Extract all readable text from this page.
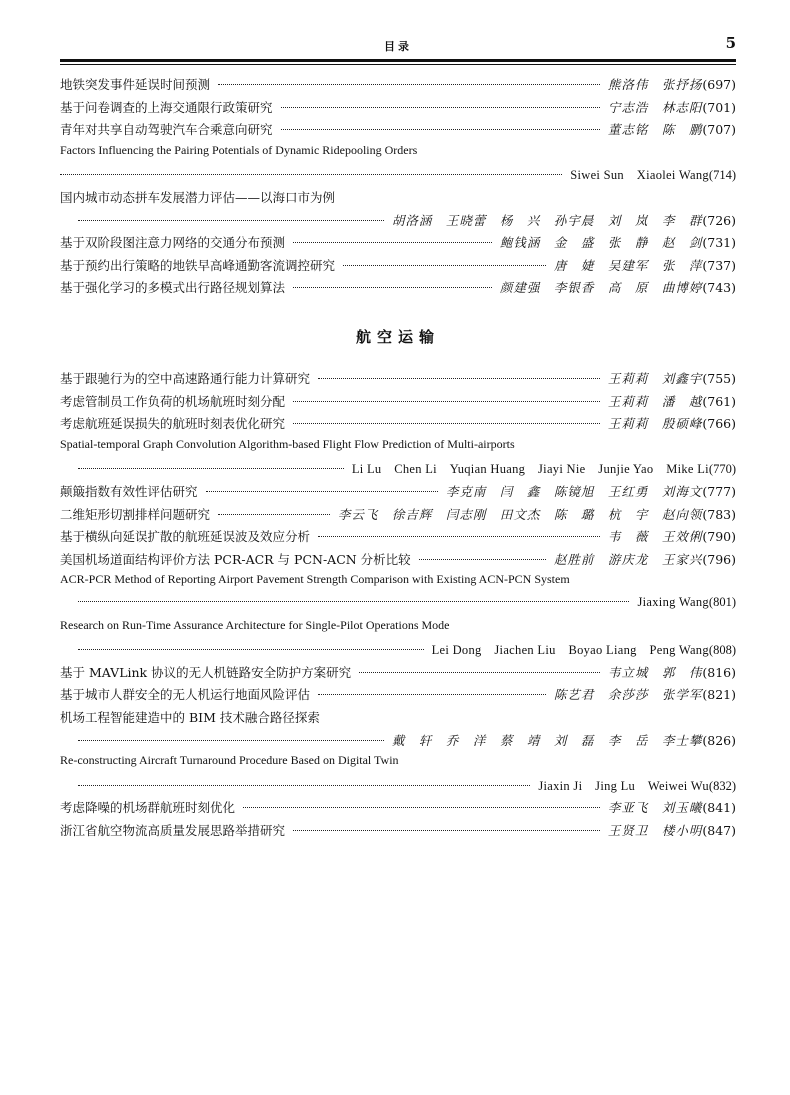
目录	5
地铁突发事件延误时间预测	熊洛伟　张抒扬 (697)
基于问卷调查的上海交通限行政策研究	宁志浩　林志阳 (701)
青年对共享自动驾驶汽车合乘意向研究	董志铭　陈　鹏 (707)
Factors Influencing the Pairing Potentials of Dynamic Ridepooling Orders
Siwei Sun　Xiaolei Wang (714)
国内城市动态拼车发展潜力评估——以海口市为例
胡洛涵　王晓蕾　杨　兴　孙宇晨　刘　岚　李　群 (726)
基于双阶段图注意力网络的交通分布预测	鲍钱涵　金　盛　张　静　赵　剑 (731)
基于预约出行策略的地铁早高峰通勤客流调控研究	唐　婕　吴建军　张　萍 (737)
基于强化学习的多模式出行路径规划算法	颜建强　李银香　高　原　曲博婷 (743)
航空运输
基于跟驰行为的空中高速路通行能力计算研究	王莉莉　刘鑫宇 (755)
考虑管制员工作负荷的机场航班时刻分配	王莉莉　潘　越 (761)
考虑航班延误损失的航班时刻表优化研究	王莉莉　殷硕峰 (766)
Spatial-temporal Graph Convolution Algorithm-based Flight Flow Prediction of Multi-airports
Li Lu　Chen Li　Yuqian Huang　Jiayi Nie　Junjie Yao　Mike Li (770)
颠簸指数有效性评估研究	李克南　闫　鑫　陈镜旭　王红勇　刘海文 (777)
二维矩形切割排样问题研究	李云飞　徐吉辉　闫志刚　田文杰　陈　璐　杭　宇　赵向领 (783)
基于横纵向延误扩散的航班延误波及效应分析	韦　薇　王效俐 (790)
美国机场道面结构评价方法 PCR-ACR 与 PCN-ACN 分析比较	赵胜前　游庆龙　王家兴 (796)
ACR-PCR Method of Reporting Airport Pavement Strength Comparison with Existing ACN-PCN System
Jiaxing Wang (801)
Research on Run-Time Assurance Architecture for Single-Pilot Operations Mode
Lei Dong　Jiachen Liu　Boyao Liang　Peng Wang (808)
基于 MAVLink 协议的无人机链路安全防护方案研究	韦立城　郭　伟 (816)
基于城市人群安全的无人机运行地面风险评估	陈艺君　余莎莎　张学军 (821)
机场工程智能建造中的 BIM 技术融合路径探索
戴　轩　乔　洋　蔡　靖　刘　磊　李　岳　李士攀 (826)
Re-constructing Aircraft Turnaround Procedure Based on Digital Twin
Jiaxin Ji　Jing Lu　Weiwei Wu (832)
考虑降噪的机场群航班时刻优化	李亚飞　刘玉曦 (841)
浙江省航空物流高质量发展思路举措研究	王贤卫　楼小明 (847)
